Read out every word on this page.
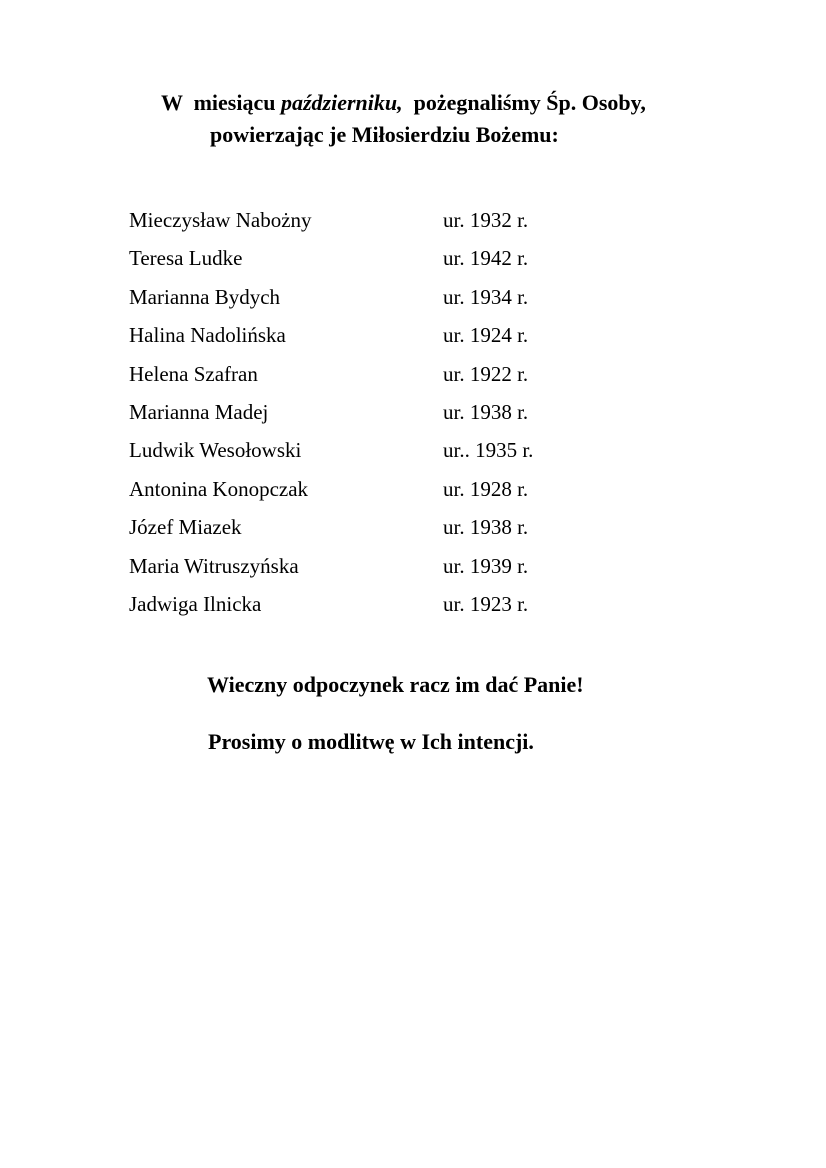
W  miesiącu październiku,  pożegnaliśmy Śp. Osoby,
powierzając je Miłosierdziu Bożemu:
Mieczysław Nabożny	ur. 1932 r.
Teresa Ludke	ur. 1942 r.
Marianna Bydych	ur. 1934 r.
Halina Nadolińska	ur. 1924 r.
Helena Szafran	ur. 1922 r.
Marianna Madej	ur. 1938 r.
Ludwik Wesołowski	ur.. 1935 r.
Antonina Konopczak	ur. 1928 r.
Józef Miazek	ur. 1938 r.
Maria Witruszyńska	ur. 1939 r.
Jadwiga Ilnicka	ur. 1923 r.
Wieczny odpoczynek racz im dać Panie!
Prosimy o modlitwę w Ich intencji.
